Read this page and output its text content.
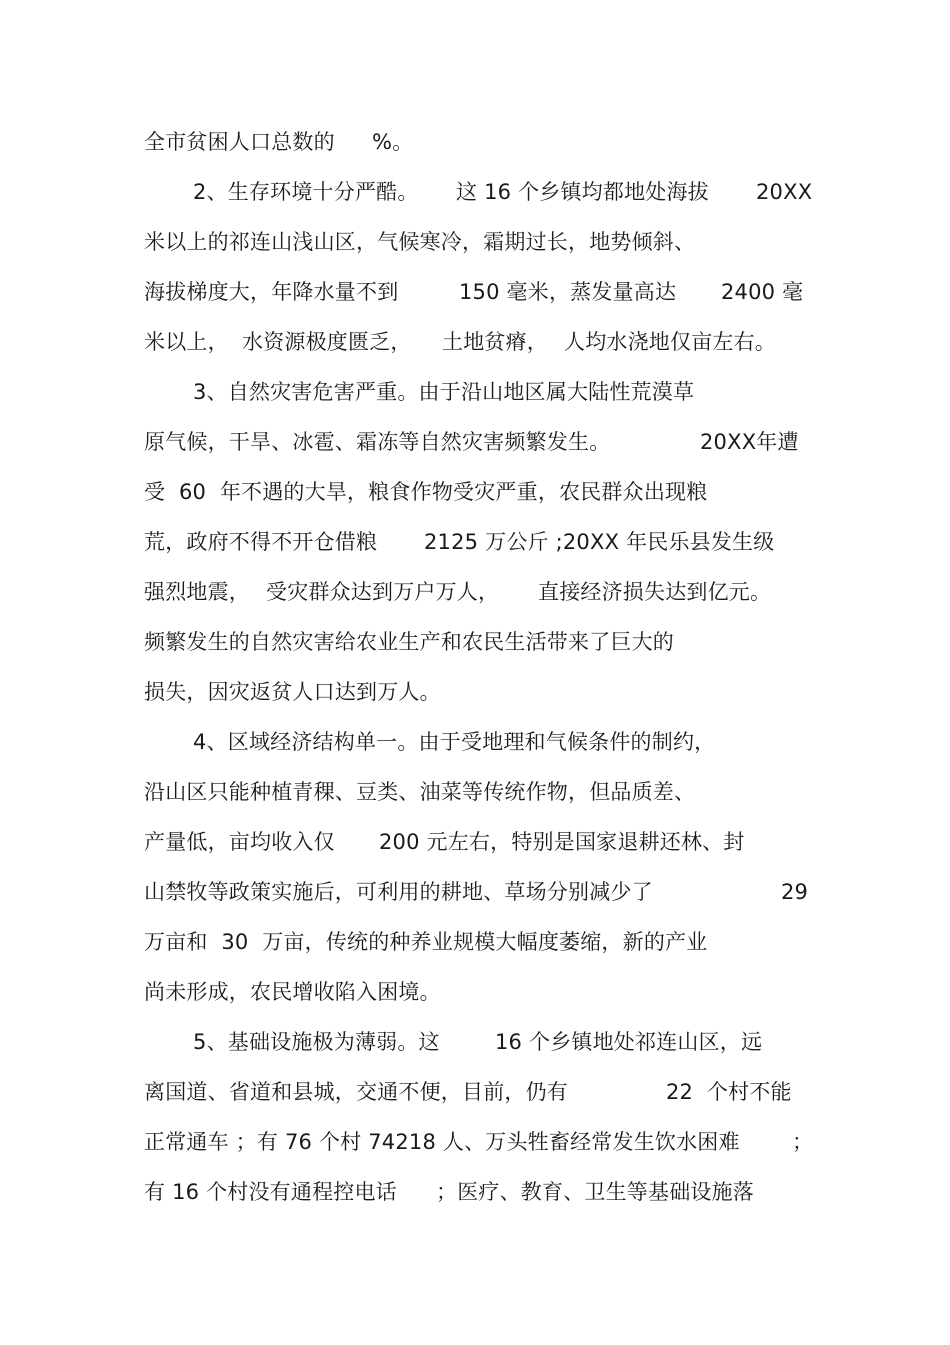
全市贫困人口总数的

%。

2、生存环境十分严酷。

这 16 个乡镇均都地处海拔

20XX

米以上的祁连山浅山区，气候寒冷，霜期过长，地势倾斜、

海拔梯度大，年降水量不到

	150 毫米，蒸发量高达

2400 毫

米以上，

水资源极度匮乏，

土地贫瘠，

人均水浇地仅亩左右。

3、自然灾害危害严重。由于沿山地区属大陆性荒漠草

原气候，干旱、冰雹、霜冻等自然灾害频繁发生。

	20XX年遭

受  60  年不遇的大旱，粮食作物受灾严重，农民群众出现粮

荒，政府不得不开仓借粮

2125 万公斤 ;20XX 年民乐县发生级

强烈地震，

受灾群众达到万户万人，

直接经济损失达到亿元。

频繁发生的自然灾害给农业生产和农民生活带来了巨大的

损失，因灾返贫人口达到万人。

4、区域经济结构单一。由于受地理和气候条件的制约，

沿山区只能种植青稞、豆类、油菜等传统作物，但品质差、

产量低，亩均收入仅

200 元左右，特别是国家退耕还林、封

山禁牧等政策实施后，可利用的耕地、草场分别减少了

	29

万亩和  30  万亩，传统的种养业规模大幅度萎缩，新的产业

尚未形成，农民增收陷入困境。

5、基础设施极为薄弱。这

	16 个乡镇地处祁连山区，远

离国道、省道和县城，交通不便，目前，仍有

	22  个村不能

正常通车 ；有 76 个村 74218 人、万头牲畜经常发生饮水困难

；

有 16 个村没有通程控电话

；医疗、教育、卫生等基础设施落
